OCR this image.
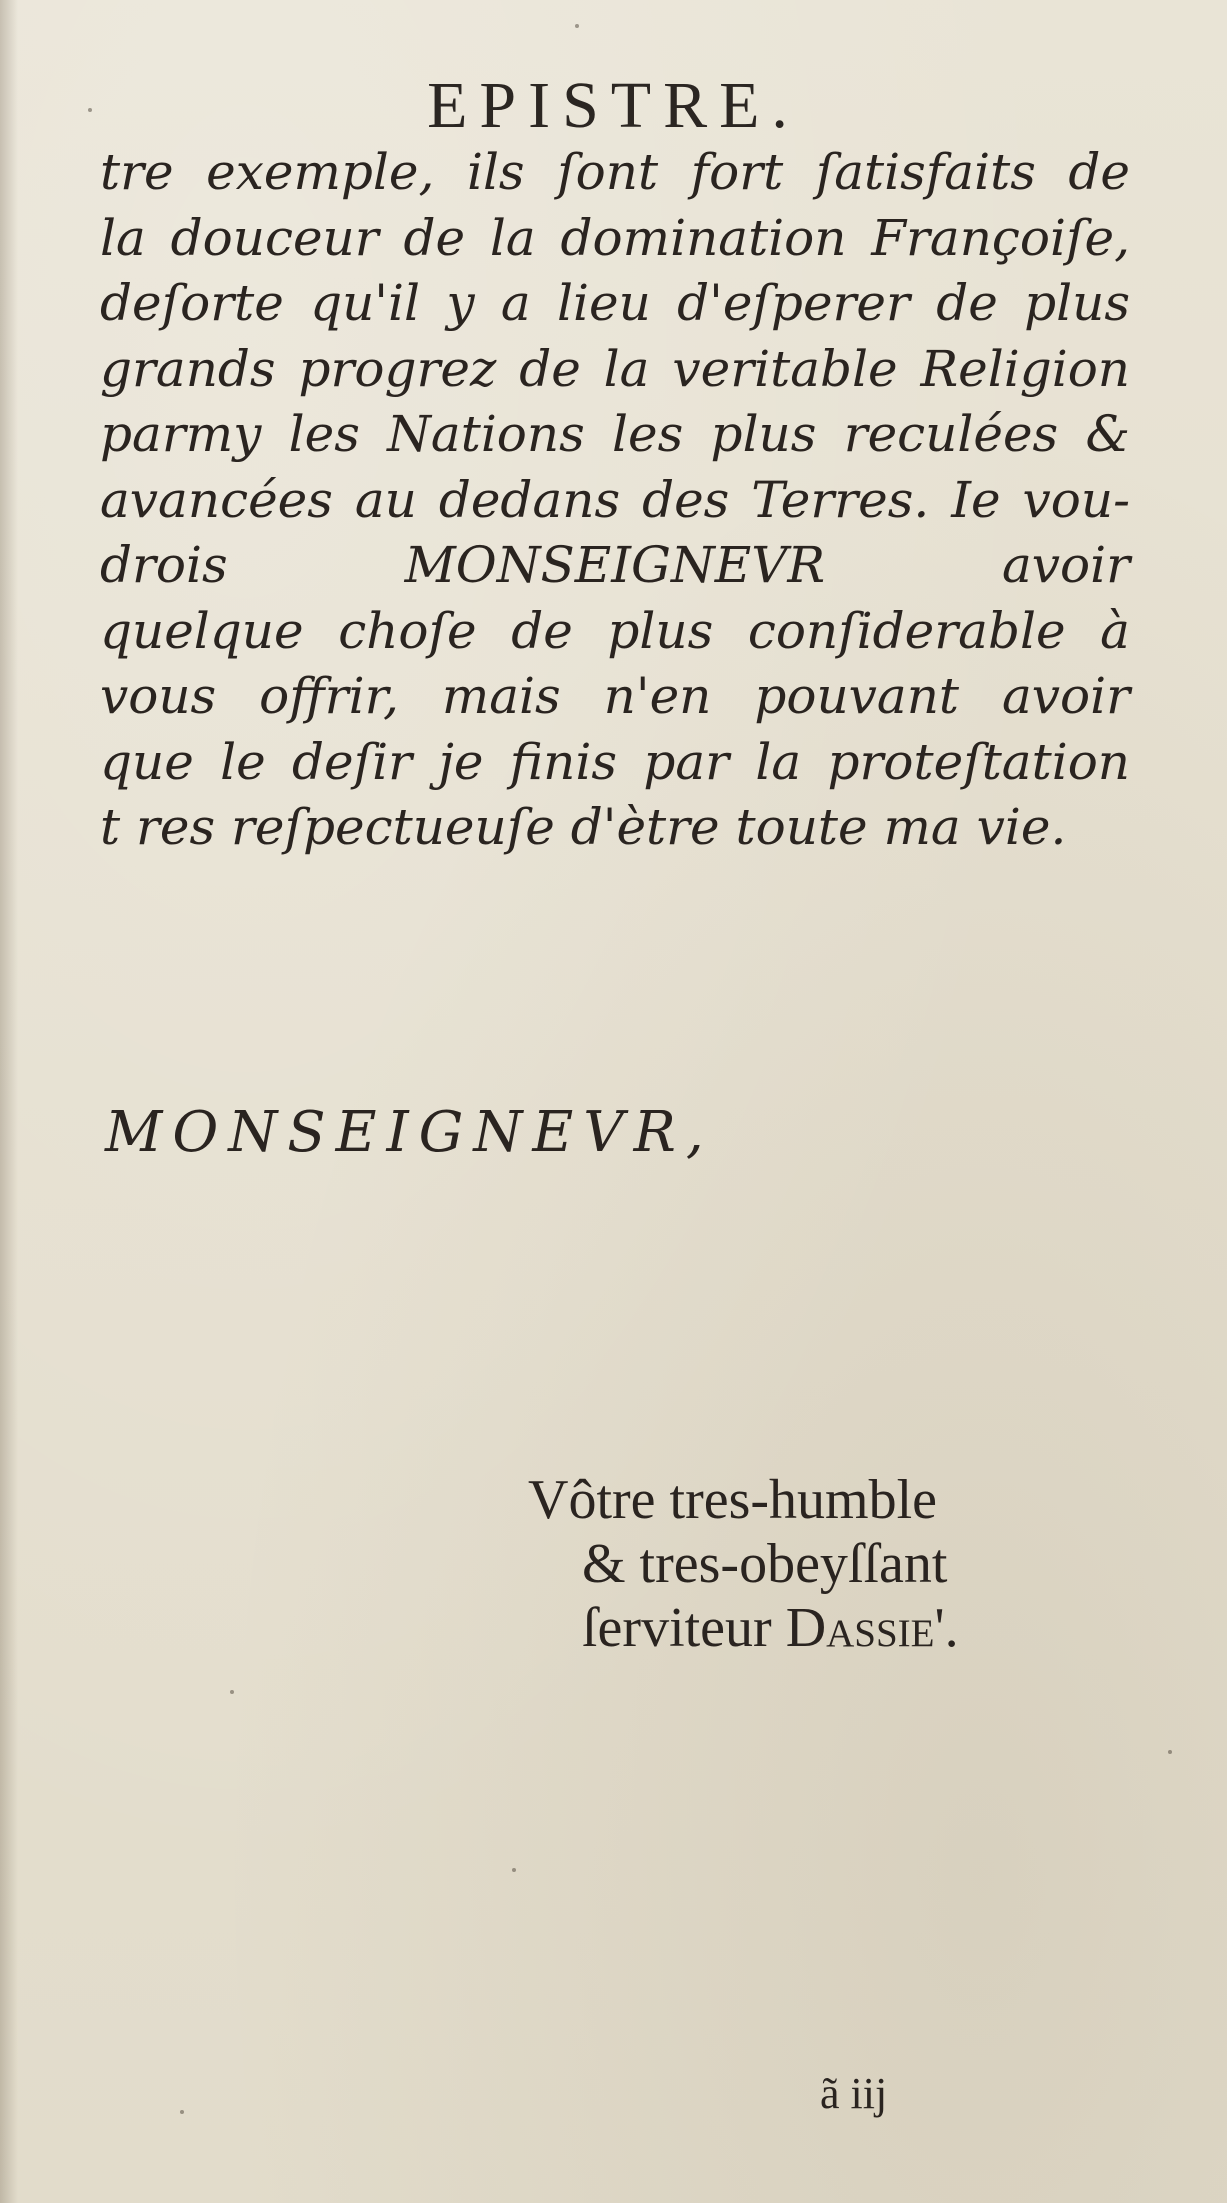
EPISTRE.
tre exemple, ils ſont fort ſatisfaits de
la douceur de la domination Françoiſe,
deſorte qu'il y a lieu d'eſperer de plus
grands progrez de la veritable Religion
parmy les Nations les plus reculées &
avancées au dedans des Terres. Ie vou-
drois MONSEIGNEVR avoir
quelque choſe de plus conſiderable à
vous offrir, mais n'en pouvant avoir
que le deſir je finis par la proteſtation
t res reſpectueuſe d'ètre toute ma vie.
MONSEIGNEVR,
Vôtre tres-humble
& tres-obeyſſant
ſerviteur Dassie'.
ã iij
